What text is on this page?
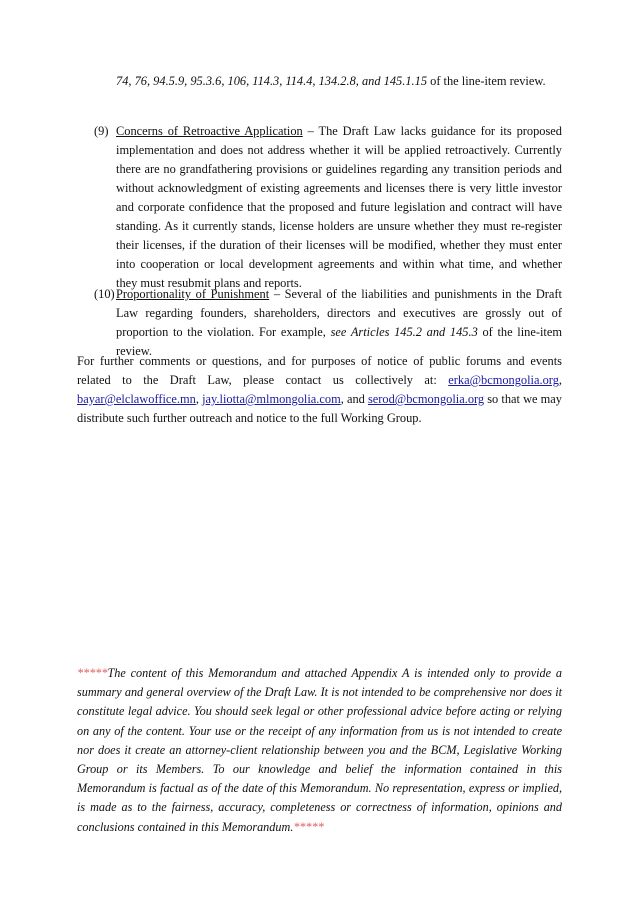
74, 76, 94.5.9, 95.3.6, 106, 114.3, 114.4, 134.2.8, and 145.1.15 of the line-item review.
(9) Concerns of Retroactive Application – The Draft Law lacks guidance for its proposed implementation and does not address whether it will be applied retroactively. Currently there are no grandfathering provisions or guidelines regarding any transition periods and without acknowledgment of existing agreements and licenses there is very little investor and corporate confidence that the proposed and future legislation and contract will have standing. As it currently stands, license holders are unsure whether they must re-register their licenses, if the duration of their licenses will be modified, whether they must enter into cooperation or local development agreements and within what time, and whether they must resubmit plans and reports.
(10) Proportionality of Punishment – Several of the liabilities and punishments in the Draft Law regarding founders, shareholders, directors and executives are grossly out of proportion to the violation. For example, see Articles 145.2 and 145.3 of the line-item review.
For further comments or questions, and for purposes of notice of public forums and events related to the Draft Law, please contact us collectively at: erka@bcmongolia.org, bayar@elclawoffice.mn, jay.liotta@mlmongolia.com, and serod@bcmongolia.org so that we may distribute such further outreach and notice to the full Working Group.
*****The content of this Memorandum and attached Appendix A is intended only to provide a summary and general overview of the Draft Law. It is not intended to be comprehensive nor does it constitute legal advice. You should seek legal or other professional advice before acting or relying on any of the content. Your use or the receipt of any information from us is not intended to create nor does it create an attorney-client relationship between you and the BCM, Legislative Working Group or its Members. To our knowledge and belief the information contained in this Memorandum is factual as of the date of this Memorandum. No representation, express or implied, is made as to the fairness, accuracy, completeness or correctness of information, opinions and conclusions contained in this Memorandum.*****
